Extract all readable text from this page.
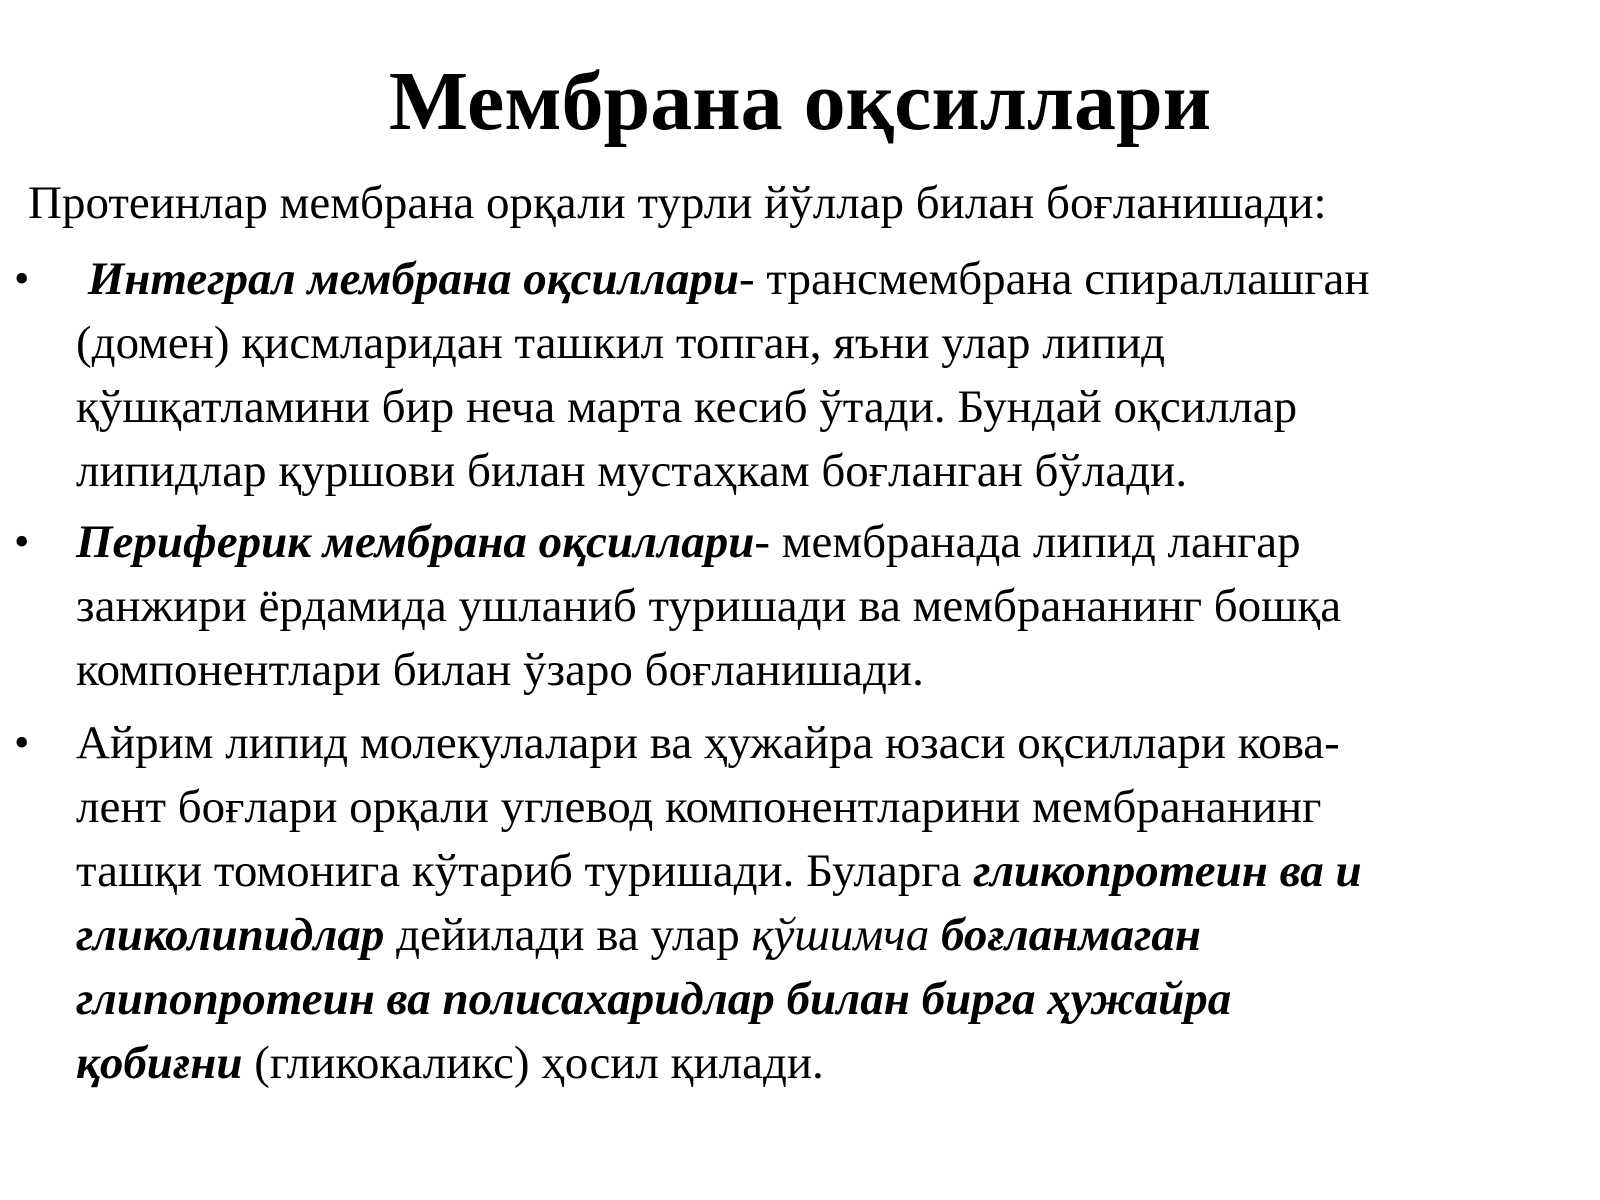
Мембрана оқсиллари

Протеинлар мембрана орқали турли йўллар билан боғланишади:

• Интеграл мембрана оқсиллари- трансмембрана спираллашган
(домен) қисмларидан ташкил топган, яъни улар липид
қўшқатламини бир неча марта кесиб ўтади. Бундай оқсиллар
липидлар қуршови билан мустаҳкам боғланган бўлади.
• Периферик мембрана оқсиллари- мембранада липид лангар
занжири ёрдамида ушланиб туришади ва мембрананинг бошқа
компонентлари билан ўзаро боғланишади.
• Айрим липид молекулалари ва ҳужайра юзаси оқсиллари кова-
лент боғлари орқали углевод компонентларини мембрананинг
ташқи томонига кўтариб туришади. Буларга гликопротеин ва и
гликолипидлар дейилади ва улар қўшимча боғланмаган
глипопротеин ва полисахаридлар билан бирга ҳужайра
қобиғни (гликокаликс) ҳосил қилади.
